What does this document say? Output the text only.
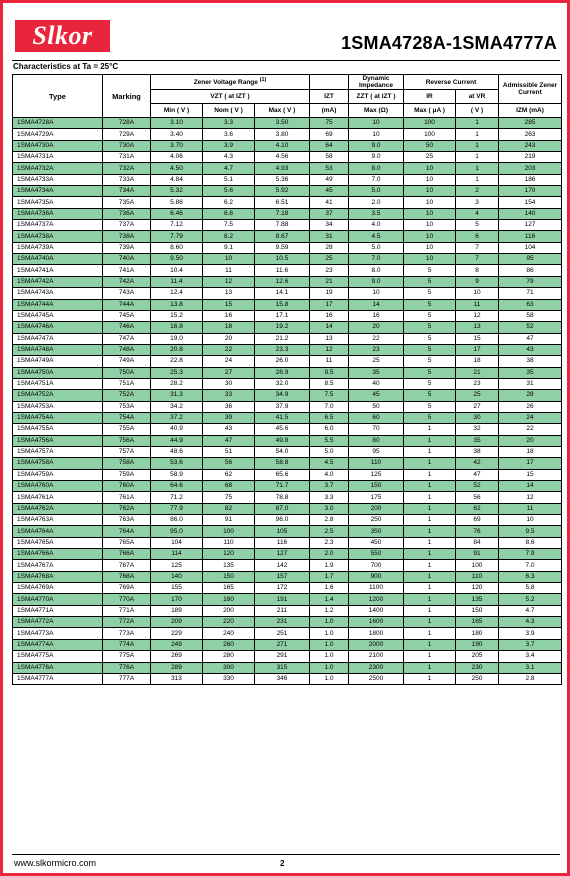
Slkor	1SMA4728A-1SMA4777A
Characteristics at Ta = 25°C
Type	Marking	Zener Voltage Range $^{(1)}$				Dynamic Impedance	Reverse Current		Admissible Zener Current
		VZT ( at IZT )			IZT	ZZT ( at IZT )	IR	at VR	
		Min ( V )	Nom ( V )	Max ( V )	(mA)	Max (Ω)	Max ( μA )	( V )	IZM (mA)
1SMA4728A	728A	3.10	3.3	3.50	75	10	100	1	285
1SMA4729A	729A	3.40	3.6	3.80	69	10	100	1	263
1SMA4730A	730A	3.70	3.9	4.10	64	9.0	50	1	243
1SMA4731A	731A	4.06	4.3	4.56	58	9.0	25	1	219
1SMA4732A	732A	4.50	4.7	4.93	53	8.0	10	1	203
1SMA4733A	733A	4.84	5.1	5.36	49	7.0	10	1	186
1SMA4734A	734A	5.32	5.6	5.92	45	5.0	10	2	170
1SMA4735A	735A	5.86	6.2	6.51	41	2.0	10	3	154
1SMA4736A	736A	6.46	6.8	7.18	37	3.5	10	4	140
1SMA4737A	737A	7.12	7.5	7.88	34	4.0	10	5	127
1SMA4738A	738A	7.79	8.2	8.67	31	4.5	10	6	116
1SMA4739A	739A	8.60	9.1	9.59	28	5.0	10	7	104
1SMA4740A	740A	9.50	10	10.5	25	7.0	10	7	95
1SMA4741A	741A	10.4	11	11.6	23	8.0	5	8	86
1SMA4742A	742A	11.4	12	12.6	21	9.0	5	9	79
1SMA4743A	743A	12.4	13	14.1	19	10	5	10	71
1SMA4744A	744A	13.8	15	15.8	17	14	5	11	63
1SMA4745A	745A	15.2	16	17.1	16	16	5	12	58
1SMA4746A	746A	16.8	18	19.2	14	20	5	13	52
1SMA4747A	747A	19.0	20	21.2	13	22	5	15	47
1SMA4748A	748A	20.8	22	23.3	12	23	5	17	43
1SMA4749A	749A	22.8	24	26.0	11	25	5	18	38
1SMA4750A	750A	25.3	27	28.9	9.5	35	5	21	35
1SMA4751A	751A	28.2	30	32.0	8.5	40	5	23	31
1SMA4752A	752A	31.3	33	34.9	7.5	45	5	25	28
1SMA4753A	753A	34.2	36	37.9	7.0	50	5	27	26
1SMA4754A	754A	37.2	39	41.5	6.5	60	5	30	24
1SMA4755A	755A	40.9	43	45.6	6.0	70	1	32	22
1SMA4756A	756A	44.9	47	49.8	5.5	80	1	35	20
1SMA4757A	757A	48.6	51	54.0	5.0	95	1	38	18
1SMA4758A	758A	53.6	56	58.8	4.5	110	1	42	17
1SMA4759A	759A	58.9	62	65.6	4.0	125	1	47	15
1SMA4760A	760A	64.6	68	71.7	3.7	150	1	52	14
1SMA4761A	761A	71.2	75	78.8	3.3	175	1	56	12
1SMA4762A	762A	77.9	82	87.0	3.0	200	1	62	11
1SMA4763A	763A	86.0	91	96.0	2.8	250	1	69	10
1SMA4764A	764A	95.0	100	105	2.5	350	1	76	9.5
1SMA4765A	765A	104	110	116	2.3	450	1	84	8.6
1SMA4766A	766A	114	120	127	2.0	550	1	91	7.9
1SMA4767A	767A	125	135	142	1.9	700	1	100	7.0
1SMA4768A	768A	140	150	157	1.7	900	1	110	6.3
1SMA4769A	769A	155	165	172	1.6	1100	1	120	5.8
1SMA4770A	770A	170	180	191	1.4	1200	1	135	5.2
1SMA4771A	771A	189	200	211	1.2	1400	1	150	4.7
1SMA4772A	772A	209	220	231	1.0	1600	1	165	4.3
1SMA4773A	773A	229	240	251	1.0	1800	1	180	3.9
1SMA4774A	774A	249	260	271	1.0	2000	1	190	3.7
1SMA4775A	775A	269	280	291	1.0	2100	1	205	3.4
1SMA4776A	776A	289	300	315	1.0	2300	1	230	3.1
1SMA4777A	777A	313	330	346	1.0	2500	1	250	2.8
www.slkormicro.com	2
